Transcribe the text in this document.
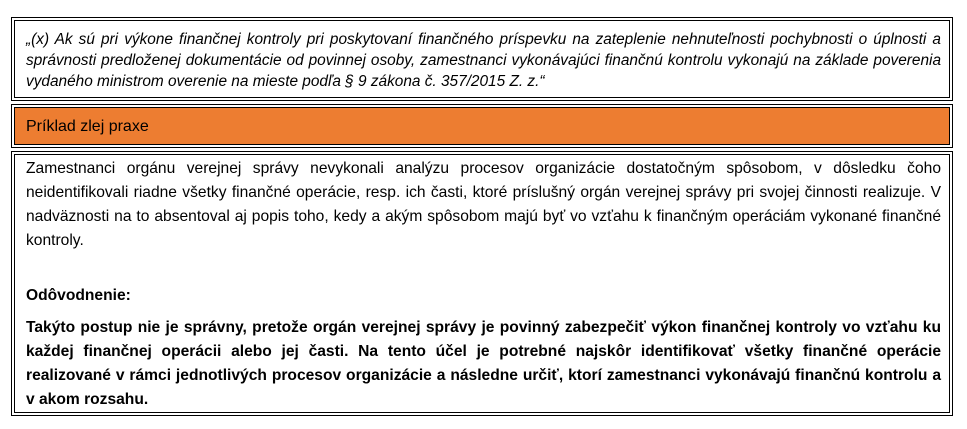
„(x) Ak sú pri výkone finančnej kontroly pri poskytovaní finančného príspevku na zateplenie nehnuteľnosti pochybnosti o úplnosti a správnosti predloženej dokumentácie od povinnej osoby, zamestnanci vykonávajúci finančnú kontrolu vykonajú na základe poverenia vydaného ministrom overenie na mieste podľa § 9 zákona č. 357/2015 Z. z.“

Príklad zlej praxe

Zamestnanci orgánu verejnej správy nevykonali analýzu procesov organizácie dostatočným spôsobom, v dôsledku čoho neidentifikovali riadne všetky finančné operácie, resp. ich časti, ktoré príslušný orgán verejnej správy pri svojej činnosti realizuje. V nadväznosti na to absentoval aj popis toho, kedy a akým spôsobom majú byť vo vzťahu k finančným operáciám vykonané finančné kontroly.

Odôvodnenie:

Takýto postup nie je správny, pretože orgán verejnej správy je povinný zabezpečiť výkon finančnej kontroly vo vzťahu ku každej finančnej operácii alebo jej časti. Na tento účel je potrebné najskôr identifikovať všetky finančné operácie realizované v rámci jednotlivých procesov organizácie a následne určiť, ktorí zamestnanci vykonávajú finančnú kontrolu a v akom rozsahu.
